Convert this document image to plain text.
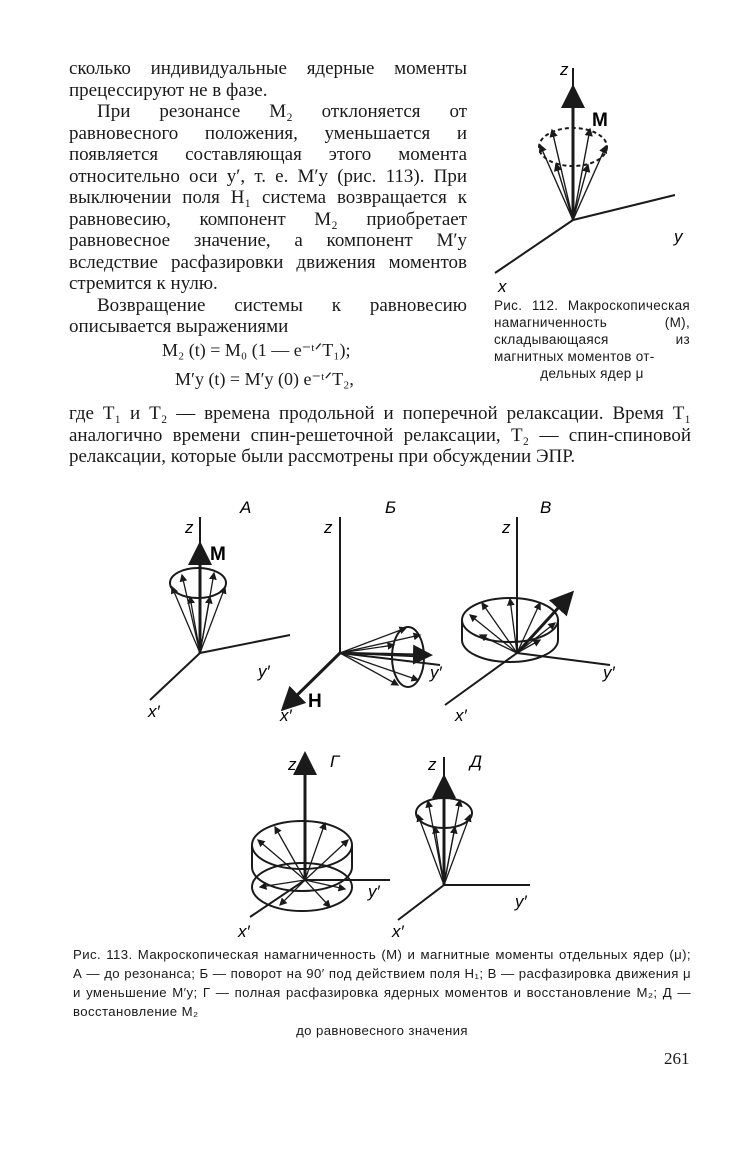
сколько индивидуальные ядерные моменты прецессируют не в фазе.

При резонансе M₂ отклоняется от равновесного положения, уменьшается и появляется составляющая этого момента относительно оси y′, т. е. M′y (рис. 113). При выключении поля H₁ система возвращается к равновесию, компонент M₂ приобретает равновесное значение, а компонент M′y вследствие расфазировки движения моментов стремится к нулю.

Возвращение системы к равновесию описывается выражениями

M₂ (t) = M₀ (1 — e⁻ᵗᐟT₁);
M′y (t) = M′y (0) e⁻ᵗᐟT₂,
z
M
y
x
Рис. 112. Макроскопическая намагниченность (M), складывающаяся из магнитных моментов от-
дельных ядер μ
где T₁ и T₂ — времена продольной и поперечной релаксации. Время T₁ аналогично времени спин-решеточной релаксации, T₂ — спин-спиновой релаксации, которые были рассмотрены при обсуждении ЭПР.
А
z
M
y′
x′
Б
z
y′
H
x′
В
z
y′
x′
z Г
y′
x′
z Д
y′
x′
Рис. 113. Макроскопическая намагниченность (M) и магнитные моменты отдельных ядер (μ); А — до резонанса; Б — поворот на 90′ под действием поля H₁; В — расфазировка движения μ и уменьшение M′y; Г — полная расфазировка ядерных моментов и восстановление M₂; Д — восстановление M₂
до равновесного значения
261
